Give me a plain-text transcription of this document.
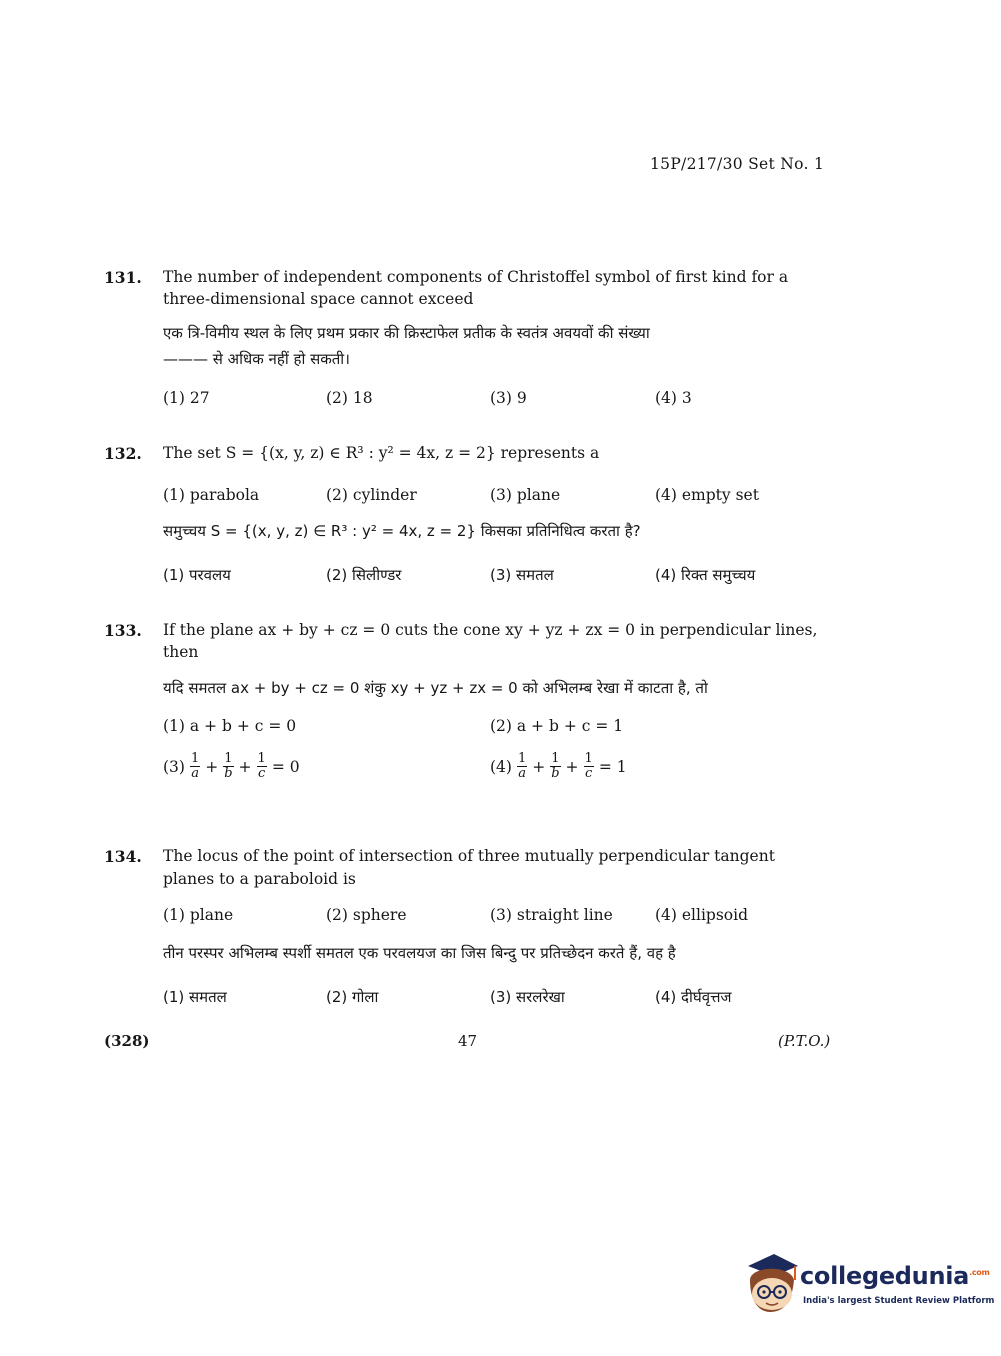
15P/217/30 Set No. 1
131. The number of independent components of Christoffel symbol of first kind for a
three-dimensional space cannot exceed
एक त्रि-विमीय स्थल के लिए प्रथम प्रकार की क्रिस्टाफेल प्रतीक के स्वतंत्र अवयवों की संख्या
——— से अधिक नहीं हो सकती।
(1) 27	(2) 18	(3) 9	(4) 3
132. The set S = {(x, y, z) ∈ R³ : y² = 4x, z = 2} represents a
(1) parabola	(2) cylinder	(3) plane	(4) empty set
समुच्चय S = {(x, y, z) ∈ R³ : y² = 4x, z = 2} किसका प्रतिनिधित्व करता है?
(1) परवलय	(2) सिलीण्डर	(3) समतल	(4) रिक्त समुच्चय
133. If the plane ax + by + cz = 0 cuts the cone xy + yz + zx = 0 in perpendicular lines,
then
यदि समतल ax + by + cz = 0 शंकु xy + yz + zx = 0 को अभिलम्ब रेखा में काटता है, तो
(1) a + b + c = 0	(2) a + b + c = 1
$(3) \frac{1}{a} + \frac{1}{b} + \frac{1}{c} = 0$	$(4) \frac{1}{a} + \frac{1}{b} + \frac{1}{c} = 1$
134. The locus of the point of intersection of three mutually perpendicular tangent
planes to a paraboloid is
(1) plane	(2) sphere	(3) straight line	(4) ellipsoid
तीन परस्पर अभिलम्ब स्पर्शी समतल एक परवलयज का जिस बिन्दु पर प्रतिच्छेदन करते हैं, वह है
(1) समतल	(2) गोला	(3) सरलरेखा	(4) दीर्घवृत्तज
(328)	47	(P.T.O.)
collegedunia$^{.com}$
India's largest Student Review Platform
